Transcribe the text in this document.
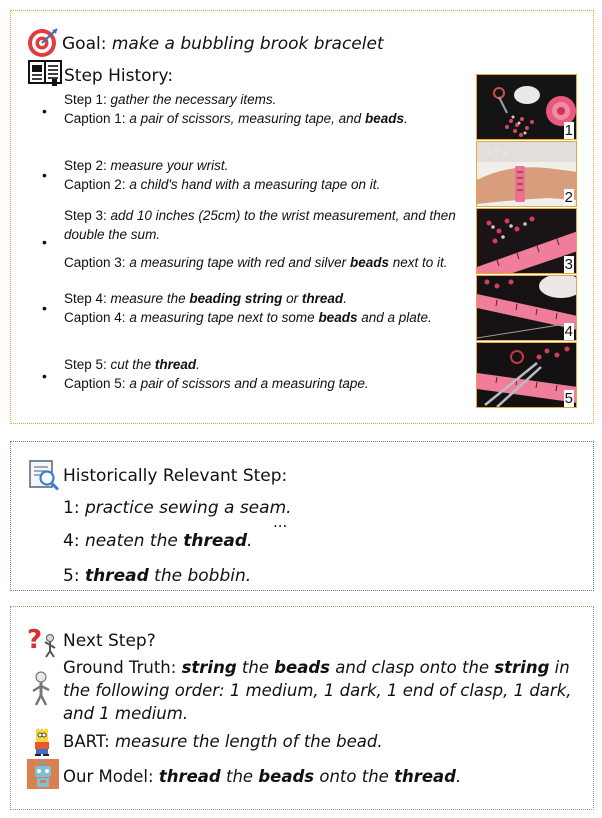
Goal: make a bubbling brook bracelet
Step History:
•
•
•
•
•
Step 1: gather the necessary items.
Caption 1: a pair of scissors, measuring tape, and beads.
Step 2: measure your wrist.
Caption 2: a child's hand with a measuring tape on it.
Step 3: add 10 inches (25cm) to the wrist measurement, and then double the sum.
Caption 3: a measuring tape with red and silver beads next to it.
Step 4: measure the beading string or thread.
Caption 4: a measuring tape next to some beads and a plate.
Step 5: cut the thread.
Caption 5: a pair of scissors and a measuring tape.
1
2
3
4
5
Historically Relevant Step:
1: practice sewing a seam.
...
4: neaten the thread.
5: thread the bobbin.
? Next Step?
Ground Truth: string the beads and clasp onto the string in the following order: 1 medium, 1 dark, 1 end of clasp, 1 dark, and 1 medium.
BART: measure the length of the bead.
Our Model: thread the beads onto the thread.
